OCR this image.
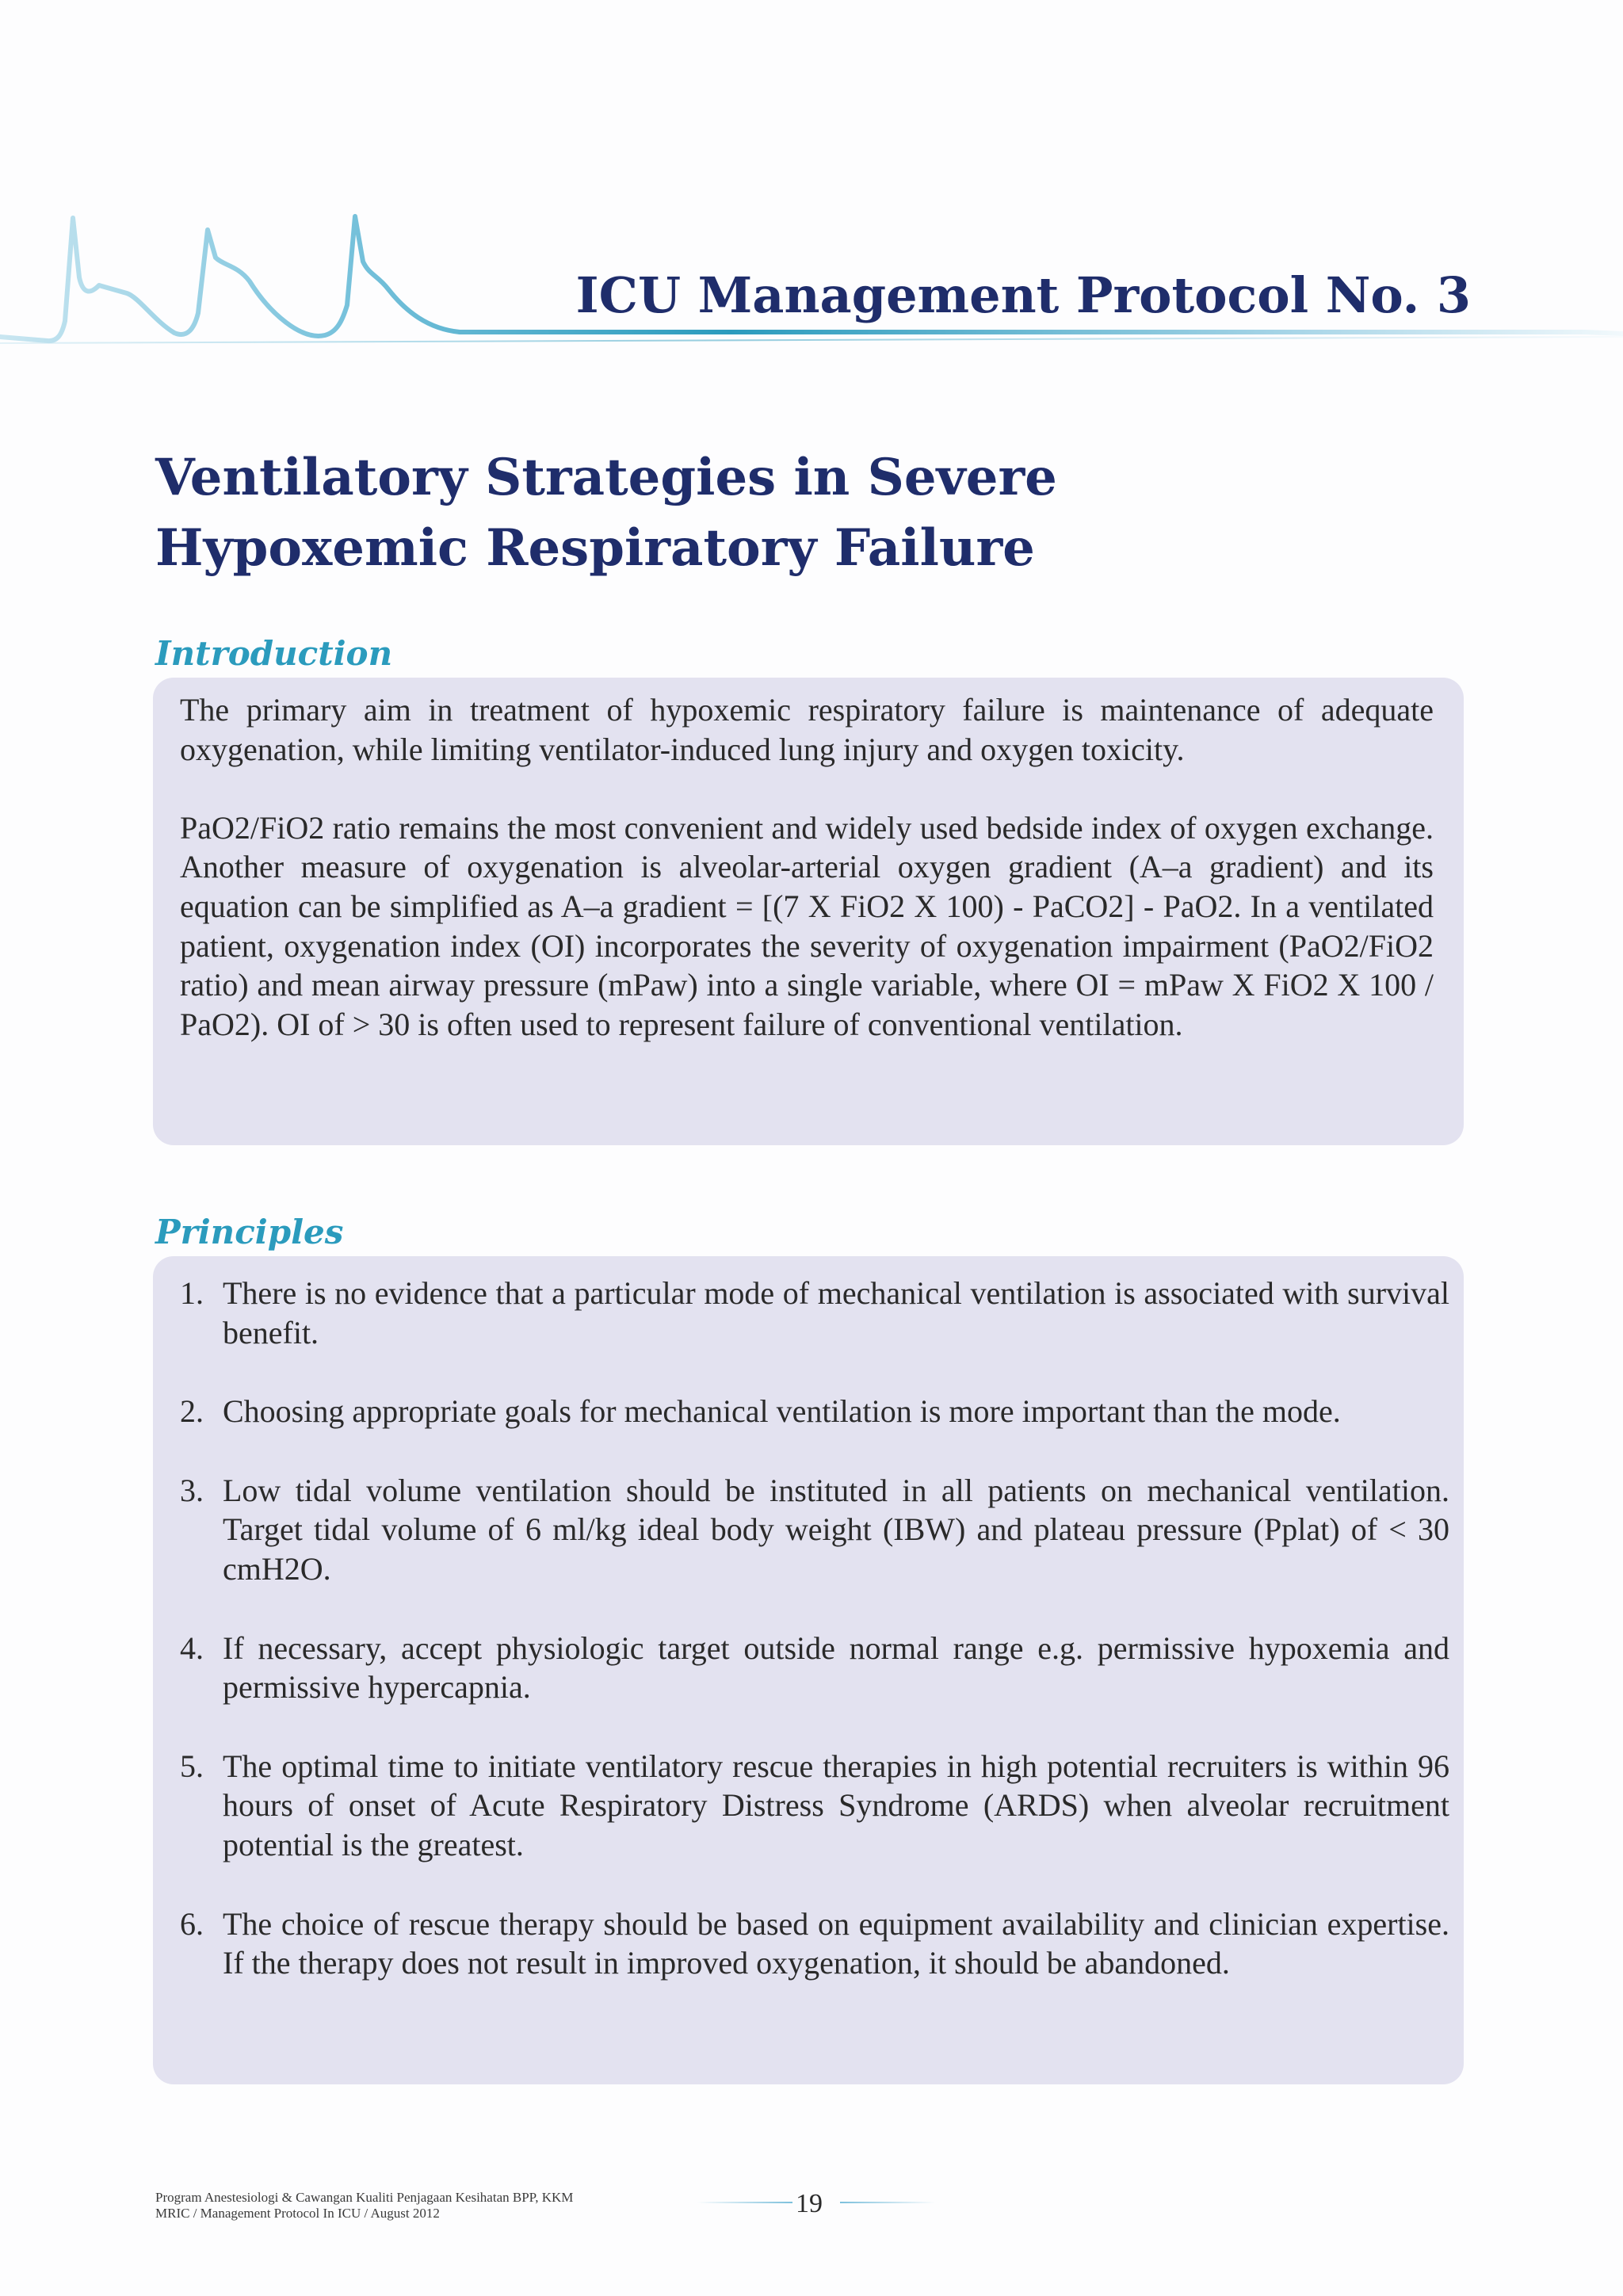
ICU Management Protocol No. 3
Ventilatory Strategies in Severe
Hypoxemic Respiratory Failure
Introduction

The primary aim in treatment of hypoxemic respiratory failure is maintenance of adequate oxygenation, while limiting ventilator-induced lung injury and oxygen toxicity.

PaO2/FiO2 ratio remains the most convenient and widely used bedside index of oxygen exchange. Another measure of oxygenation is alveolar-arterial oxygen gradient (A–a gradient) and its equation can be simplified as A–a gradient = [(7 X FiO2 X 100) - PaCO2] - PaO2. In a ventilated patient, oxygenation index (OI) incorporates the severity of oxygenation impairment (PaO2/FiO2 ratio) and mean airway pressure (mPaw) into a single variable, where OI = mPaw X FiO2 X 100 / PaO2). OI of > 30 is often used to represent failure of conventional ventilation.

Principles
1. There is no evidence that a particular mode of mechanical ventilation is associated with survival benefit.

2. Choosing appropriate goals for mechanical ventilation is more important than the mode.

3. Low tidal volume ventilation should be instituted in all patients on mechanical ventilation. Target tidal volume of 6 ml/kg ideal body weight (IBW) and plateau pressure (Pplat) of < 30 cmH2O.

4. If necessary, accept physiologic target outside normal range e.g. permissive hypoxemia and permissive hypercapnia.

5. The optimal time to initiate ventilatory rescue therapies in high potential recruiters is within 96 hours of onset of Acute Respiratory Distress Syndrome (ARDS) when alveolar recruitment potential is the greatest.

6. The choice of rescue therapy should be based on equipment availability and clinician expertise. If the therapy does not result in improved oxygenation, it should be abandoned.

Program Anestesiologi & Cawangan Kualiti Penjagaan Kesihatan BPP, KKM
MRIC / Management Protocol In ICU / August 2012	19
